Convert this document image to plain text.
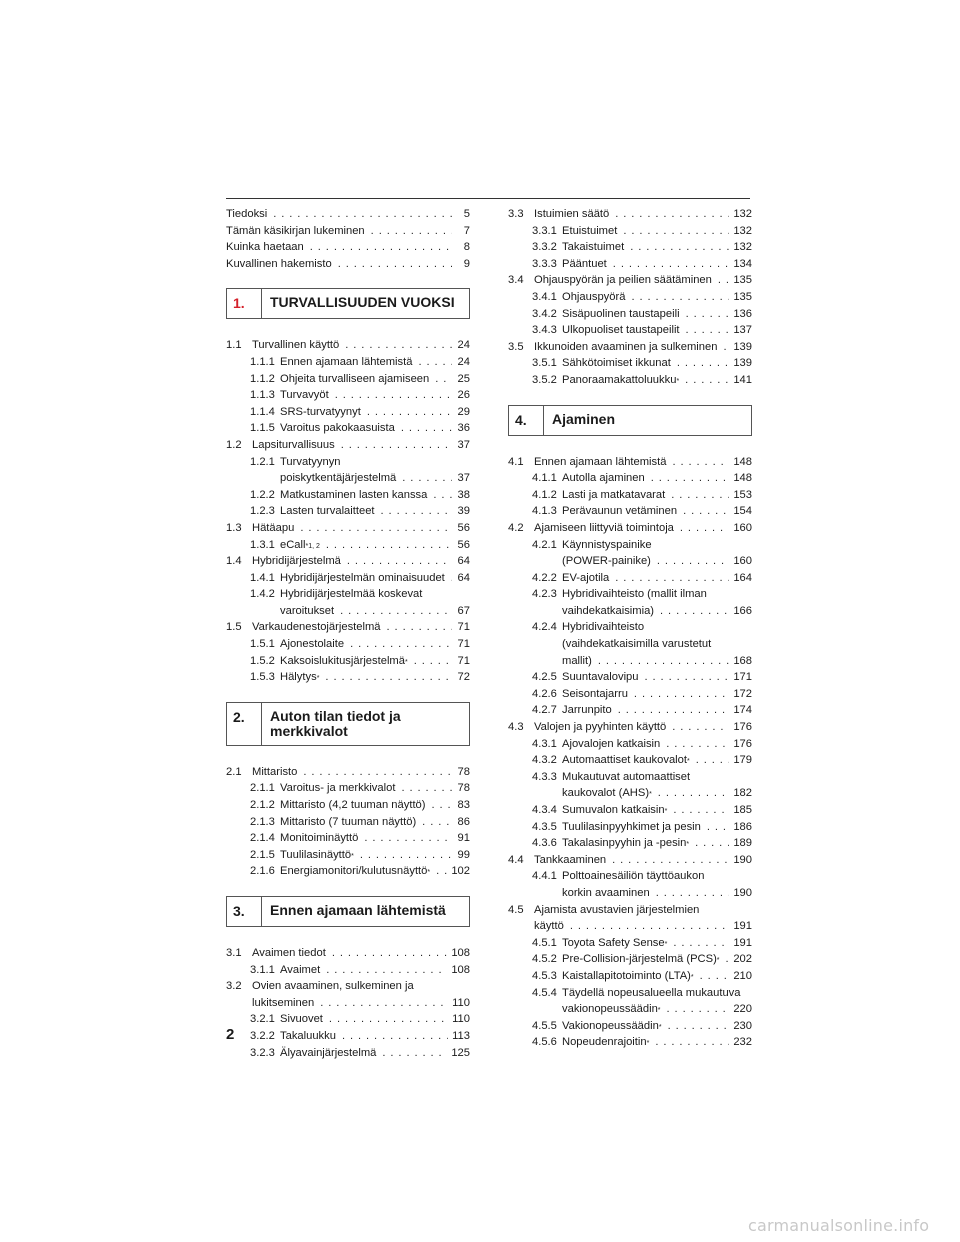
Tiedoksi . . .	5
Tämän käsikirjan lukeminen . . .	7
Kuinka haetaan . . .	8
Kuvallinen hakemisto . . .	9
1.	TURVALLISUUDEN VUOKSI
1.1 Turvallinen käyttö . . .	24
1.1.1 Ennen ajamaan lähtemistä . . .	24
1.1.2 Ohjeita turvalliseen ajamiseen . . .	25
1.1.3 Turvavyöt . . .	26
1.1.4 SRS-turvatyynyt . . .	29
1.1.5 Varoitus pakokaasuista . . .	36
1.2 Lapsiturvallisuus . . .	37
1.2.1 Turvatyynyn
poiskytkentäjärjestelmä . . .	37
1.2.2 Matkustaminen lasten kanssa . . .	38
1.2.3 Lasten turvalaitteet . . .	39
1.3 Hätäapu . . .	56
1.3.1 eCall *1, 2 . . .	56
1.4 Hybridijärjestelmä . . .	64
1.4.1 Hybridijärjestelmän ominaisuudet . . . 64
1.4.2 Hybridijärjestelmää koskevat
varoitukset . . .	67
1.5 Varkaudenestojärjestelmä . . .	71
1.5.1 Ajonestolaite . . .	71
1.5.2 Kaksoislukitusjärjestelmä * . . .	71
1.5.3 Hälytys * . . .	72
2.	Auton tilan tiedot ja
merkkivalot
2.1 Mittaristo . . .	78
2.1.1 Varoitus- ja merkkivalot . . .	78
2.1.2 Mittaristo (4,2 tuuman näyttö) . . .	83
2.1.3 Mittaristo (7 tuuman näyttö) . . .	86
2.1.4 Monitoiminäyttö . . .	91
2.1.5 Tuulilasinäyttö * . . .	99
2.1.6 Energiamonitori/kulutusnäyttö * . . . 102
3.	Ennen ajamaan lähtemistä
3.1 Avaimen tiedot . . .	108
3.1.1 Avaimet . . .	108
3.2 Ovien avaaminen, sulkeminen ja
lukitseminen . . .	110
3.2.1 Sivuovet . . .	110
3.2.2 Takaluukku . . .	113
3.2.3 Älyavainjärjestelmä . . .	125
3.3 Istuimien säätö . . .	132
3.3.1 Etuistuimet . . .	132
3.3.2 Takaistuimet . . .	132
3.3.3 Pääntuet . . .	134
3.4 Ohjauspyörän ja peilien säätäminen . . . 135
3.4.1 Ohjauspyörä . . .	135
3.4.2 Sisäpuolinen taustapeili . . .	136
3.4.3 Ulkopuoliset taustapeilit . . .	137
3.5 Ikkunoiden avaaminen ja sulkeminen . . . 139
3.5.1 Sähkötoimiset ikkunat . . .	139
3.5.2 Panoraamakattoluukku * . . .	141
4.	Ajaminen
4.1 Ennen ajamaan lähtemistä . . .	148
4.1.1 Autolla ajaminen . . .	148
4.1.2 Lasti ja matkatavarat . . .	153
4.1.3 Perävaunun vetäminen . . .	154
4.2 Ajamiseen liittyviä toimintoja . . .	160
4.2.1 Käynnistyspainike
(POWER-painike) . . .	160
4.2.2 EV-ajotila . . .	164
4.2.3 Hybridivaihteisto (mallit ilman
vaihdekatkaisimia) . . .	166
4.2.4 Hybridivaihteisto
(vaihdekatkaisimilla varustetut
mallit) . . .	168
4.2.5 Suuntavalovipu . . .	171
4.2.6 Seisontajarru . . .	172
4.2.7 Jarrunpito . . .	174
4.3 Valojen ja pyyhinten käyttö . . .	176
4.3.1 Ajovalojen katkaisin . . .	176
4.3.2 Automaattiset kaukovalot * . . .	179
4.3.3 Mukautuvat automaattiset
kaukovalot (AHS) * . . .	182
4.3.4 Sumuvalon katkaisin * . . .	185
4.3.5 Tuulilasinpyyhkimet ja pesin . . .	186
4.3.6 Takalasinpyyhin ja -pesin * . . .	189
4.4 Tankkaaminen . . .	190
4.4.1 Polttoainesäiliön täyttöaukon
korkin avaaminen . . .	190
4.5 Ajamista avustavien järjestelmien
käyttö . . .	191
4.5.1 Toyota Safety Sense * . . .	191
4.5.2 Pre-Collision-järjestelmä (PCS) * . . . 202
4.5.3 Kaistallapitotoiminto (LTA) * . . .	210
4.5.4 Täydellä nopeusalueella mukautuva
vakionopeussäädin * . . .	220
4.5.5 Vakionopeussäädin * . . .	230
4.5.6 Nopeudenrajoitin * . . .	232
2
carmanualsonline.info
